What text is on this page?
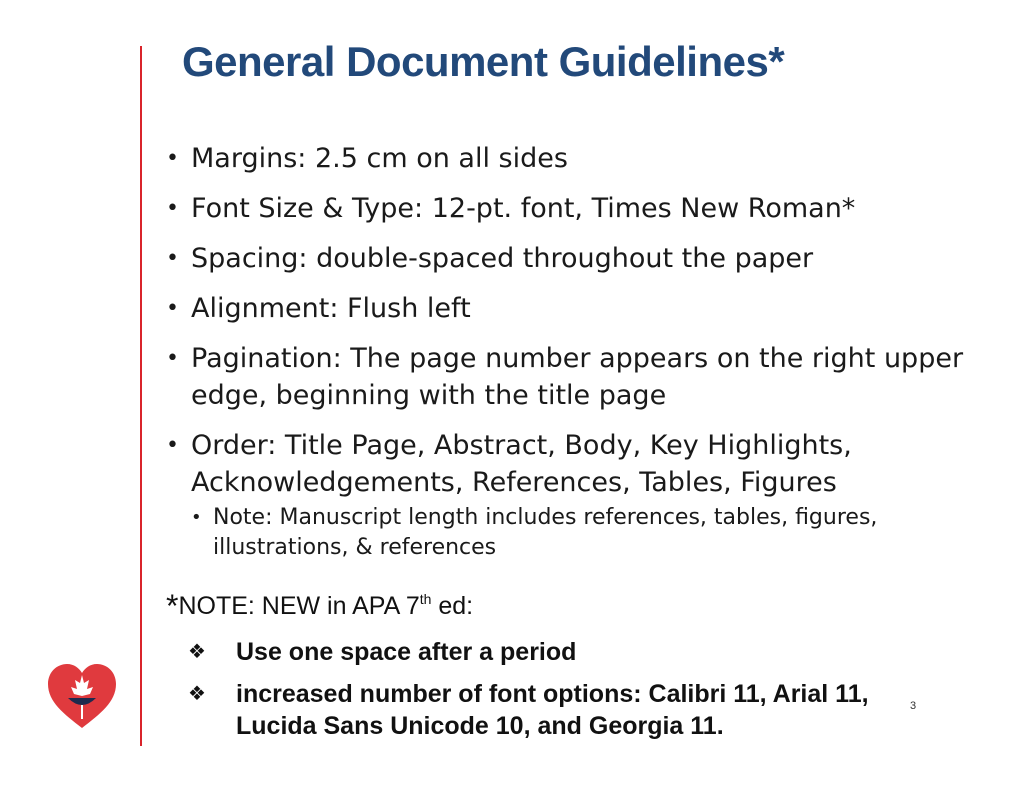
General Document Guidelines*
• Margins: 2.5 cm on all sides
• Font Size & Type: 12-pt. font, Times New Roman*
• Spacing: double-spaced throughout the paper
• Alignment: Flush left
• Pagination: The page number appears on the right upper edge, beginning with the title page
• Order: Title Page, Abstract, Body, Key Highlights, Acknowledgements, References, Tables, Figures
• Note: Manuscript length includes references, tables, figures, illustrations, & references
*NOTE: NEW in APA 7th ed:
❖ Use one space after a period
❖ increased number of font options: Calibri 11, Arial 11, Lucida Sans Unicode 10, and Georgia 11.
3
